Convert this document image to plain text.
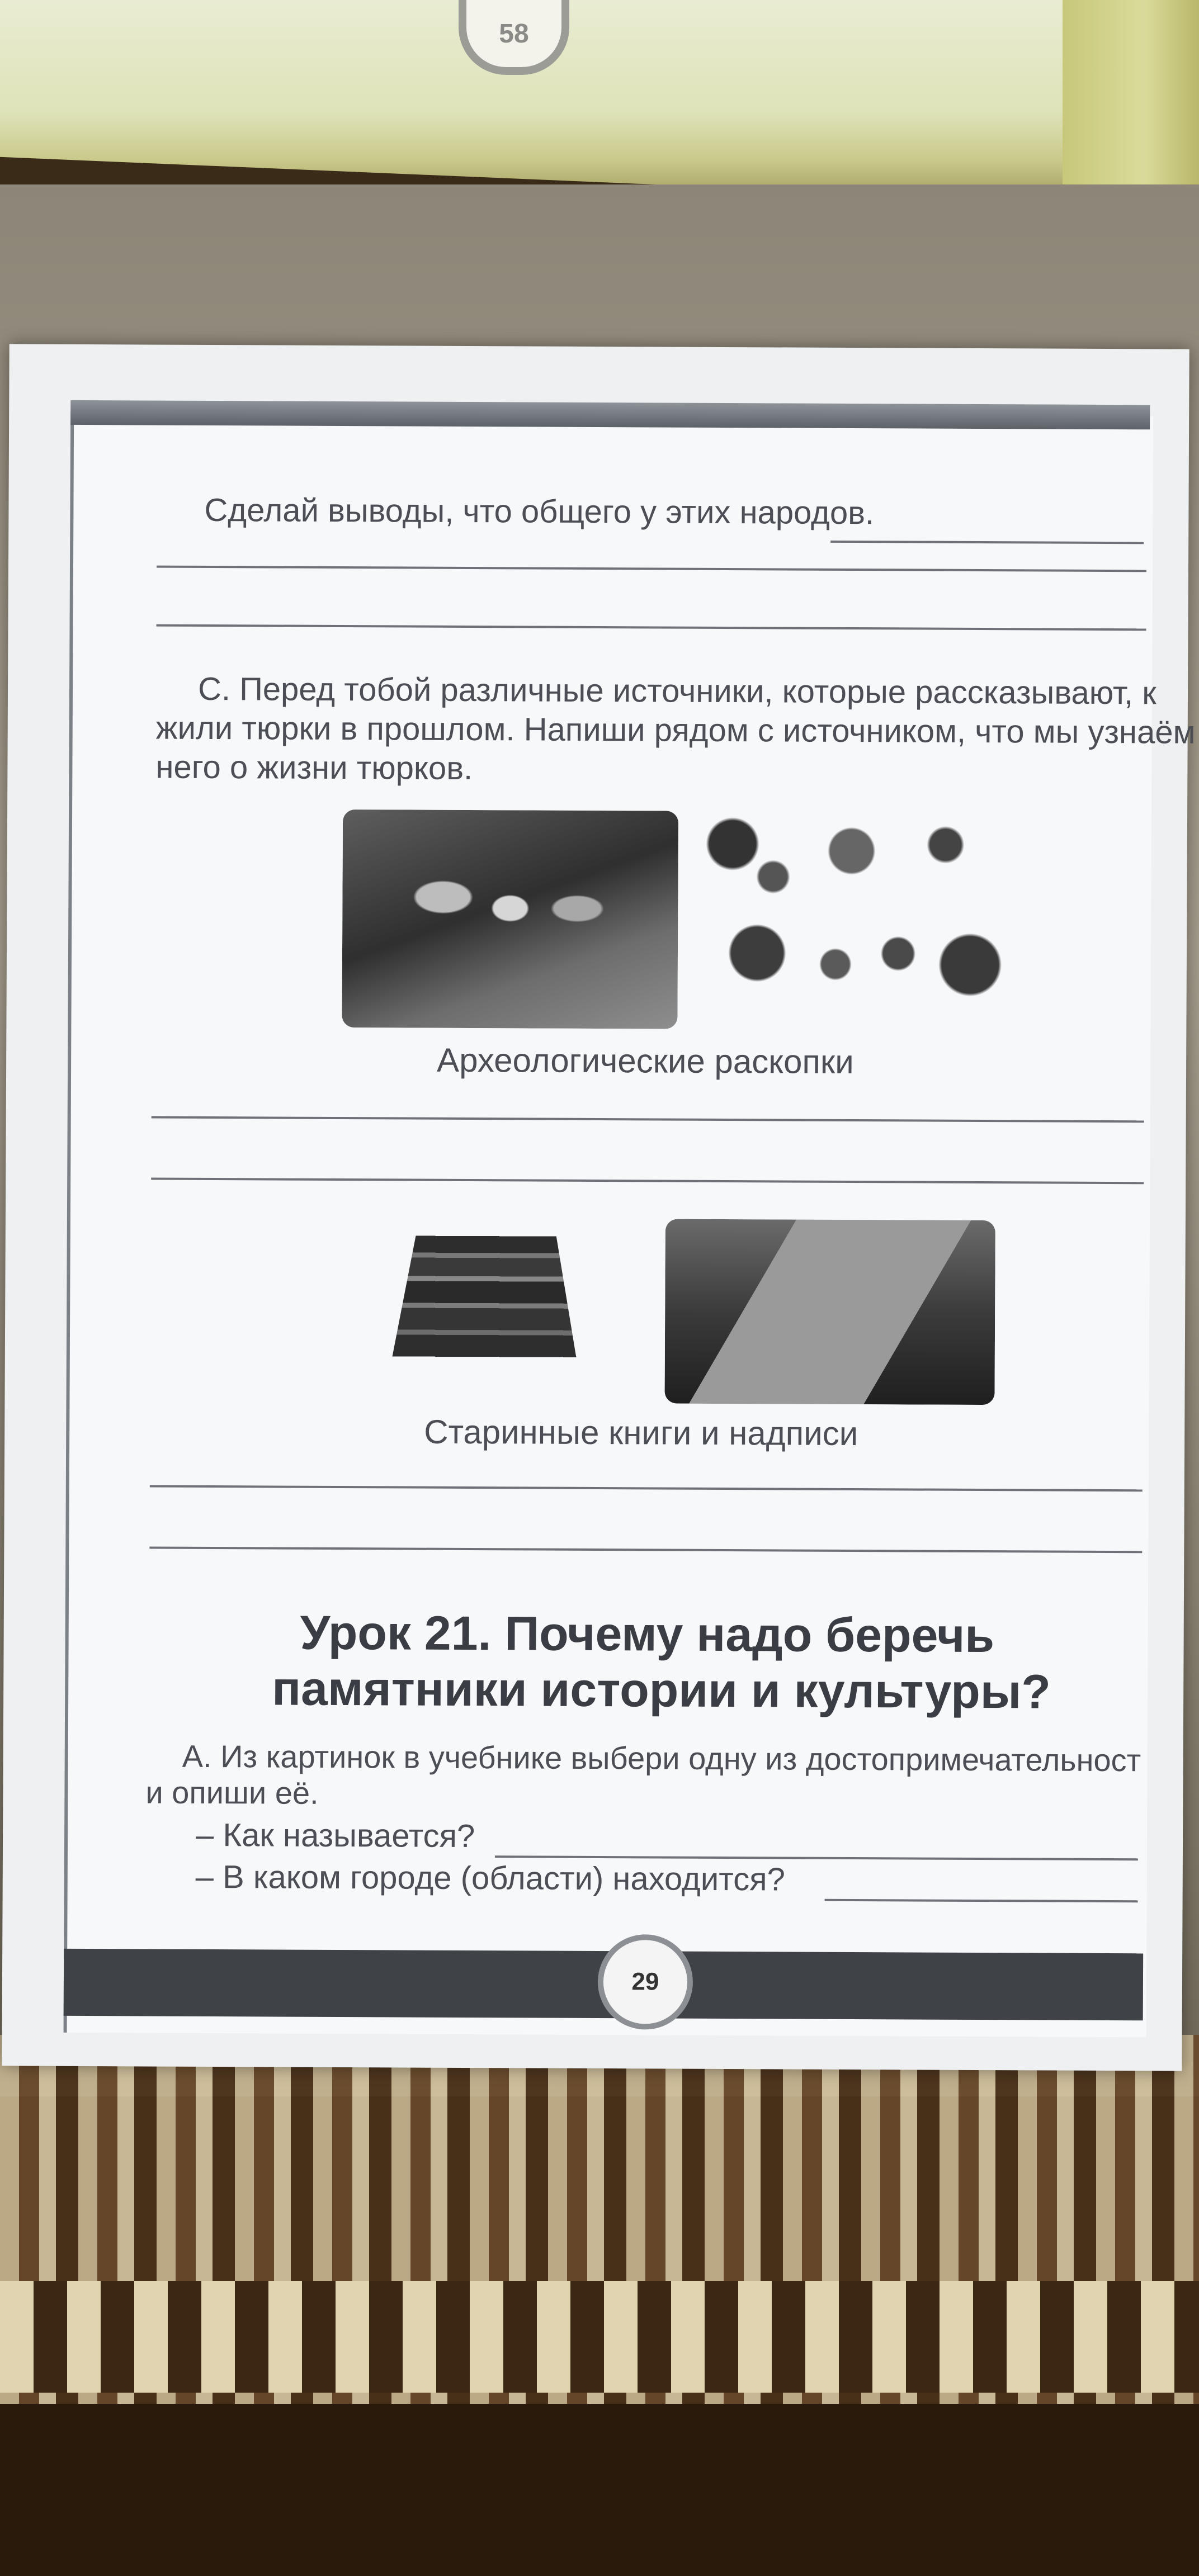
58
Сделай выводы, что общего у этих народов.
С. Перед тобой различные источники, которые рассказывают, к
жили тюрки в прошлом. Напиши рядом с источником, что мы узнаём
него о жизни тюрков.
Археологические раскопки
Старинные книги и надписи
Урок 21. Почему надо беречь
памятники истории и культуры?
А. Из картинок в учебнике выбери одну из достопримечательност
и опиши её.
– Как называется?
– В каком городе (области) находится?
29
